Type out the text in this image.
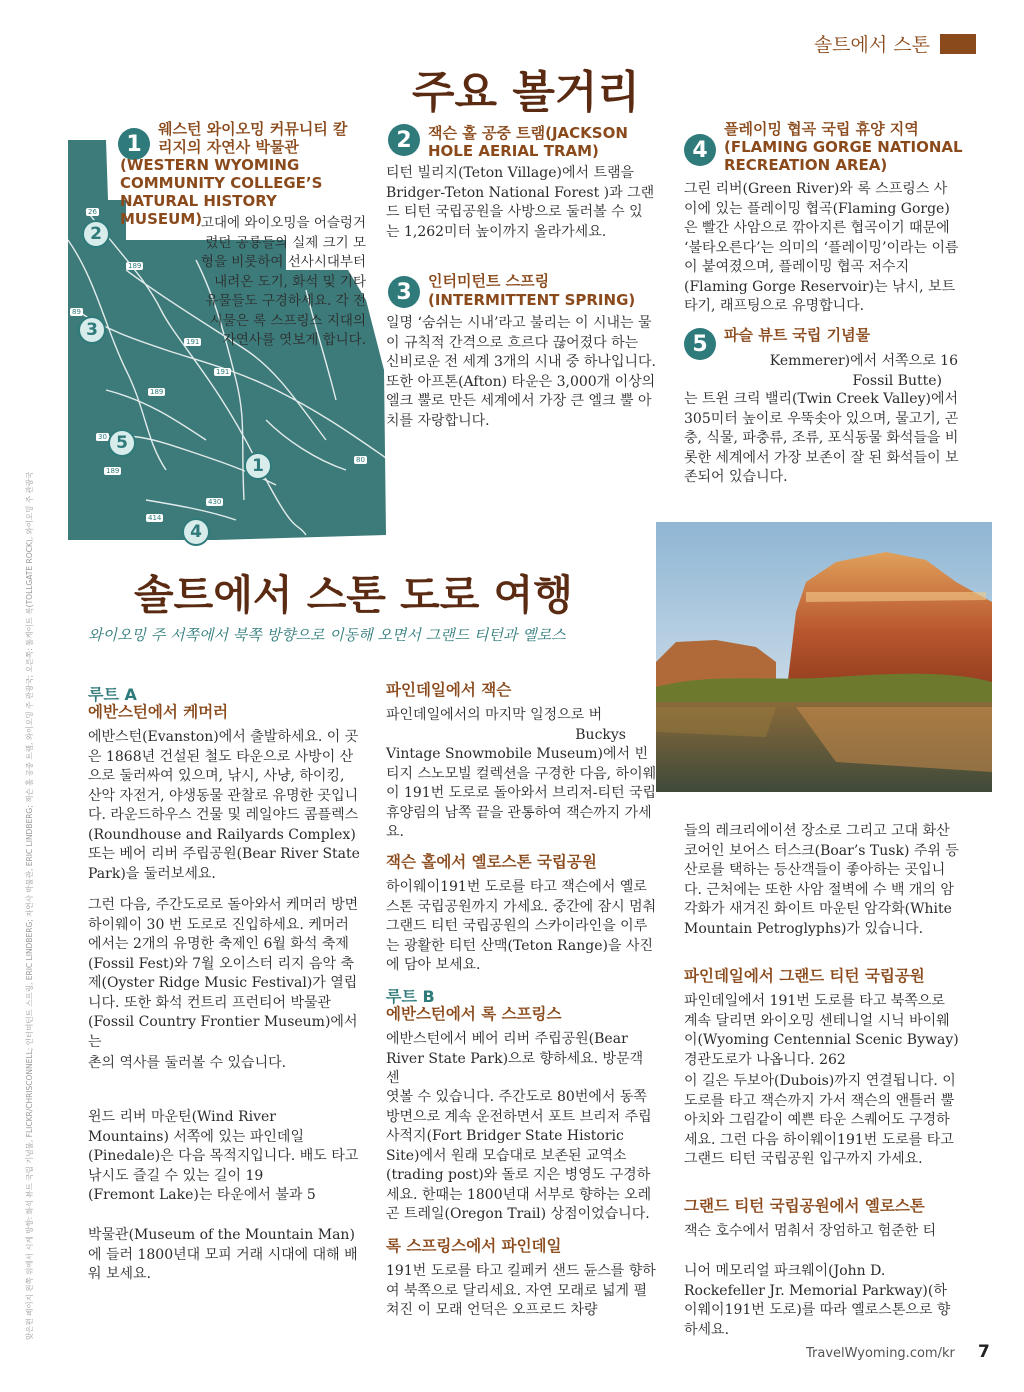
솔트에서 스톤
주요 볼거리
26
189
89
191
189
191
30
189
80
430
414
2
3
5
1
4
1
웨스턴 와이오밍 커뮤니티 칼리지의 자연사 박물관
(WESTERN WYOMING COMMUNITY COLLEGE’S NATURAL HISTORY MUSEUM)

고대에 와이오밍을 어슬렁거렸던 공룡들의 실제 크기 모형을 비롯하여 선사시대부터 내려온 도기, 화석 및 기타 유물들도 구경하세요. 각 전시물은 록 스프링스 지대의 자연사를 엿보게 합니다.

2	잭슨 홀 공중 트램(JACKSON
HOLE AERIAL TRAM)

티턴 빌리지(Teton Village)에서 트램을 Bridger-Teton National Forest )과 그랜드 티턴 국립공원을 사방으로 둘러볼 수 있는 1,262미터 높이까지 올라가세요.

3	인터미턴트 스프링
(INTERMITTENT SPRING)

일명 ‘숨쉬는 시내’라고 불리는 이 시내는 물이 규칙적 간격으로 흐르다 끊어졌다 하는 신비로운 전 세계 3개의 시내 중 하나입니다. 또한 아프톤(Afton) 타운은 3,000개 이상의 엘크 뿔로 만든 세계에서 가장 큰 엘크 뿔 아치를 자랑합니다.

4
플레이밍 협곡 국립 휴양 지역
(FLAMING GORGE NATIONAL RECREATION AREA)

그린 리버(Green River)와 록 스프링스 사이에 있는 플레이밍 협곡(Flaming Gorge)은 빨간 사암으로 깎아지른 협곡이기 때문에 ‘불타오른다’는 의미의 ‘플레이밍’이라는 이름이 붙여졌으며, 플레이밍 협곡 저수지(Flaming Gorge Reservoir)는 낚시, 보트 타기, 래프팅으로 유명합니다.

5	파슬 뷰트 국립 기념물

Kemmerer)에서 서쪽으로 16

Fossil Butte)

는 트윈 크릭 밸리(Twin Creek Valley)에서 305미터 높이로 우뚝솟아 있으며, 물고기, 곤충, 식물, 파충류, 조류, 포식동물 화석들을 비롯한 세계에서 가장 보존이 잘 된 화석들이 보존되어 있습니다.

솔트에서 스톤 도로 여행
와이오밍 주 서쪽에서 북쪽 방향으로 이동해 오면서 그랜드 티턴과 옐로스
루트 A
에반스턴에서 케머러

에반스턴(Evanston)에서 출발하세요. 이 곳은 1868년 건설된 철도 타운으로 사방이 산으로 둘러싸여 있으며, 낚시, 사냥, 하이킹, 산악 자전거, 야생동물 관찰로 유명한 곳입니다. 라운드하우스 건물 및 레일야드 콤플렉스(Roundhouse and Railyards Complex) 또는 베어 리버 주립공원(Bear River State Park)을 둘러보세요.

그런 다음, 주간도로로 돌아와서 케머러 방면 하이웨이 30 번 도로로 진입하세요. 케머러에서는 2개의 유명한 축제인 6월 화석 축제(Fossil Fest)와 7월 오이스터 리지 음악 축제(Oyster Ridge Music Festival)가 열립니다. 또한 화석 컨트리 프런티어 박물관(Fossil Country Frontier Museum)에서는

촌의 역사를 둘러볼 수 있습니다.

윈드 리버 마운틴(Wind River Mountains) 서쪽에 있는 파인데일(Pinedale)은 다음 목적지입니다. 배도 타고 낚시도 즐길 수 있는 길이 19

(Fremont Lake)는 타운에서 불과 5

박물관(Museum of the Mountain Man)에 들러 1800년대 모피 거래 시대에 대해 배워 보세요.

파인데일에서 잭슨

파인데일에서의 마지막 일정으로 버

Buckys

Vintage Snowmobile Museum)에서 빈티지 스노모빌 컬렉션을 구경한 다음, 하이웨이 191번 도로로 돌아와서 브리저-티턴 국립 휴양림의 남쪽 끝을 관통하여 잭슨까지 가세요.

잭슨 홀에서 옐로스톤 국립공원

하이웨이191번 도로를 타고 잭슨에서 옐로스톤 국립공원까지 가세요. 중간에 잠시 멈춰 그랜드 티턴 국립공원의 스카이라인을 이루는 광활한 티턴 산맥(Teton Range)을 사진에 담아 보세요.

루트 B
에반스턴에서 록 스프링스

에반스턴에서 베어 리버 주립공원(Bear River State Park)으로 향하세요. 방문객 센

엿볼 수 있습니다. 주간도로 80번에서 동쪽 방면으로 계속 운전하면서 포트 브리저 주립 사적지(Fort Bridger State Historic Site)에서 원래 모습대로 보존된 교역소(trading post)와 돌로 지은 병영도 구경하세요. 한때는 1800년대 서부로 향하는 오레곤 트레일(Oregon Trail) 상점이었습니다.

록 스프링스에서 파인데일

191번 도로를 타고 킬페커 샌드 듄스를 향하여 북쪽으로 달리세요. 자연 모래로 넓게 펼쳐진 이 모래 언덕은 오프로드 차량

들의 레크리에이션 장소로 그리고 고대 화산 코어인 보어스 터스크(Boar’s Tusk) 주위 등산로를 택하는 등산객들이 좋아하는 곳입니다. 근처에는 또한 사암 절벽에 수 백 개의 암각화가 새겨진 화이트 마운틴 암각화(White Mountain Petroglyphs)가 있습니다.

파인데일에서 그랜드 티턴 국립공원

파인데일에서 191번 도로를 타고 북쪽으로 계속 달리면 와이오밍 센테니얼 시닉 바이웨이(Wyoming Centennial Scenic Byway) 경관도로가 나옵니다. 262

이 길은 두보아(Dubois)까지 연결됩니다. 이 도로를 타고 잭슨까지 가서 잭슨의 앤틀러 뿔 아치와 그림같이 예쁜 타운 스퀘어도 구경하세요. 그런 다음 하이웨이191번 도로를 타고 그랜드 티턴 국립공원 입구까지 가세요.

그랜드 티턴 국립공원에서 옐로스톤

잭슨 호수에서 멈춰서 장엄하고 험준한 티

니어 메모리얼 파크웨이(John D. Rockefeller Jr. Memorial Parkway)(하이웨이191번 도로)를 따라 옐로스톤으로 향하세요.

맞은편 페이지 왼쪽 위에서 시계 방향: 화석 뷰트 국립 기념물, FLICKR/CHRISCONNELL; 인터미턴트 스프링, ERIC LINDBERG; 자연사 박물관, ERIC LINDBERG; 잭슨 홀 공중 트램, 와이오밍 주 관광국; 오른쪽: 톨게이트 록(TOLLGATE ROCK), 와이오밍 주 관광국
TravelWyoming.com/kr 7
